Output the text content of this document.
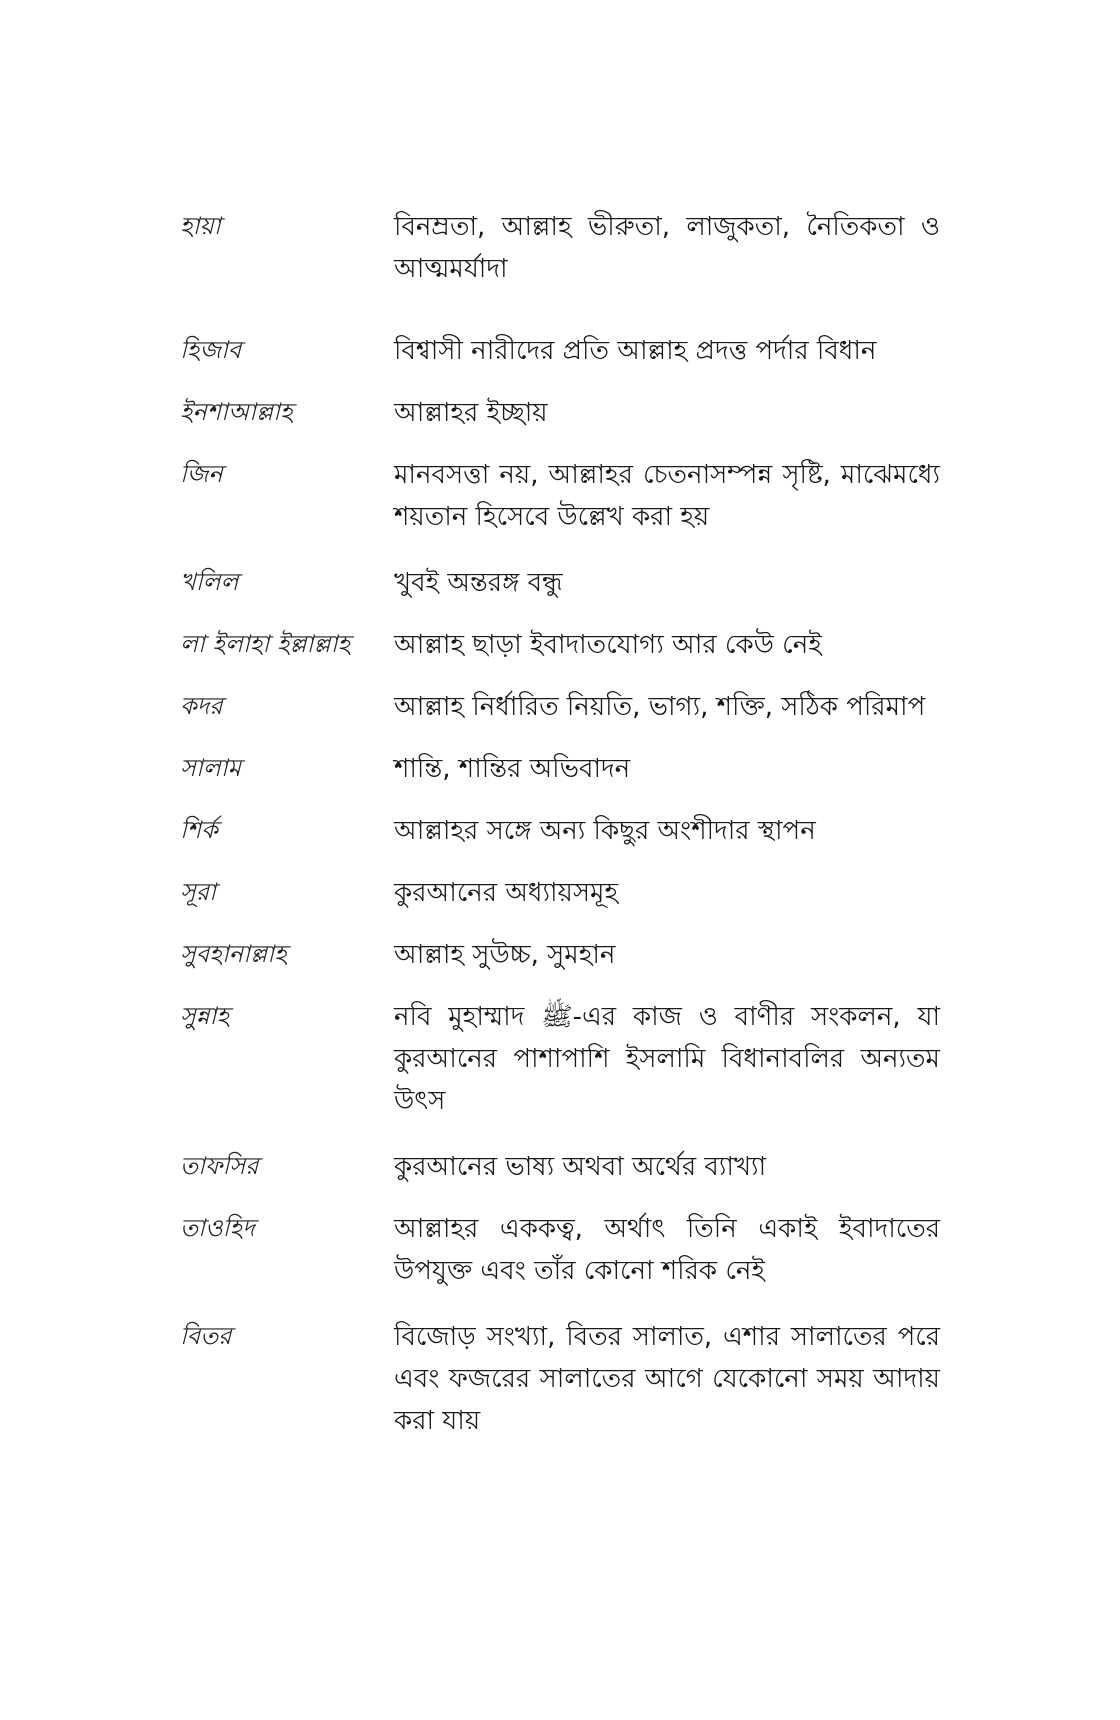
হায়া	বিনম্রতা, আল্লাহ ভীরুতা, লাজুকতা, নৈতিকতা ও আত্মমর্যাদা
হিজাব	বিশ্বাসী নারীদের প্রতি আল্লাহ প্রদত্ত পর্দার বিধান
ইনশাআল্লাহ	আল্লাহর ইচ্ছায়
জিন	মানবসত্তা নয়, আল্লাহর চেতনাসম্পন্ন সৃষ্টি, মাঝেমধ্যে শয়তান হিসেবে উল্লেখ করা হয়
খলিল	খুবই অন্তরঙ্গ বন্ধু
লা ইলাহা ইল্লাল্লাহ	আল্লাহ ছাড়া ইবাদাতযোগ্য আর কেউ নেই
কদর	আল্লাহ নির্ধারিত নিয়তি, ভাগ্য, শক্তি, সঠিক পরিমাপ
সালাম	শান্তি, শান্তির অভিবাদন
শির্ক	আল্লাহর সঙ্গে অন্য কিছুর অংশীদার স্থাপন
সূরা	কুরআনের অধ্যায়সমূহ
সুবহানাল্লাহ	আল্লাহ সুউচ্চ, সুমহান
সুন্নাহ	নবি মুহাম্মাদ ﷺ-এর কাজ ও বাণীর সংকলন, যা কুরআনের পাশাপাশি ইসলামি বিধানাবলির অন্যতম উৎস
তাফসির	কুরআনের ভাষ্য অথবা অর্থের ব্যাখ্যা
তাওহিদ	আল্লাহর এককত্ব, অর্থাৎ তিনি একাই ইবাদাতের উপযুক্ত এবং তাঁর কোনো শরিক নেই
বিতর	বিজোড় সংখ্যা, বিতর সালাত, এশার সালাতের পরে এবং ফজরের সালাতের আগে যেকোনো সময় আদায় করা যায়
